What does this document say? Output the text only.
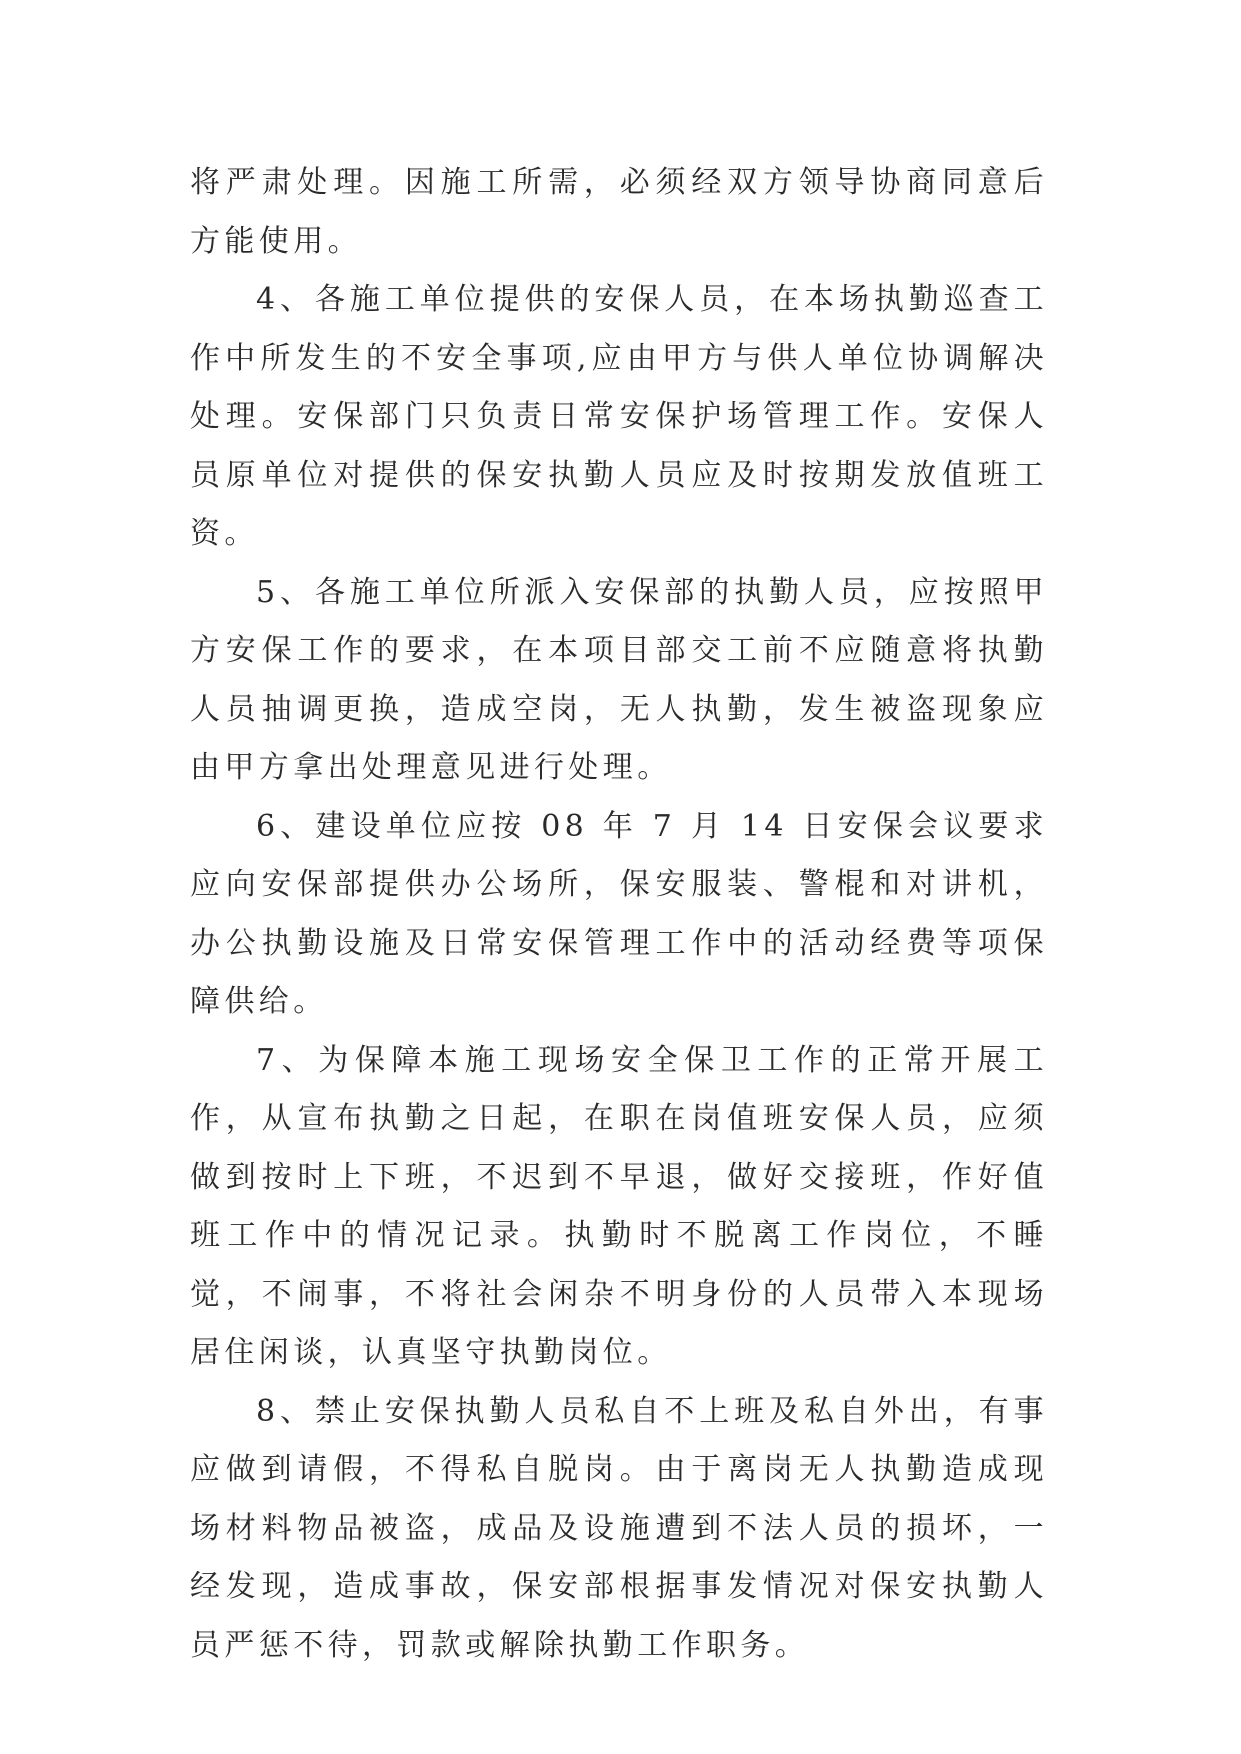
将严肃处理。因施工所需，必须经双方领导协商同意后方能使用。

4、各施工单位提供的安保人员，在本场执勤巡查工作中所发生的不安全事项,应由甲方与供人单位协调解决处理。安保部门只负责日常安保护场管理工作。安保人员原单位对提供的保安执勤人员应及时按期发放值班工资。

5、各施工单位所派入安保部的执勤人员，应按照甲方安保工作的要求，在本项目部交工前不应随意将执勤人员抽调更换，造成空岗，无人执勤，发生被盗现象应由甲方拿出处理意见进行处理。

6、建设单位应按 08 年 7 月 14 日安保会议要求应向安保部提供办公场所，保安服装、警棍和对讲机，办公执勤设施及日常安保管理工作中的活动经费等项保障供给。

7、为保障本施工现场安全保卫工作的正常开展工作，从宣布执勤之日起，在职在岗值班安保人员，应须做到按时上下班，不迟到不早退，做好交接班，作好值班工作中的情况记录。执勤时不脱离工作岗位，不睡觉，不闹事，不将社会闲杂不明身份的人员带入本现场居住闲谈，认真坚守执勤岗位。

8、禁止安保执勤人员私自不上班及私自外出，有事应做到请假，不得私自脱岗。由于离岗无人执勤造成现场材料物品被盗，成品及设施遭到不法人员的损坏，一经发现，造成事故，保安部根据事发情况对保安执勤人员严惩不待，罚款或解除执勤工作职务。
